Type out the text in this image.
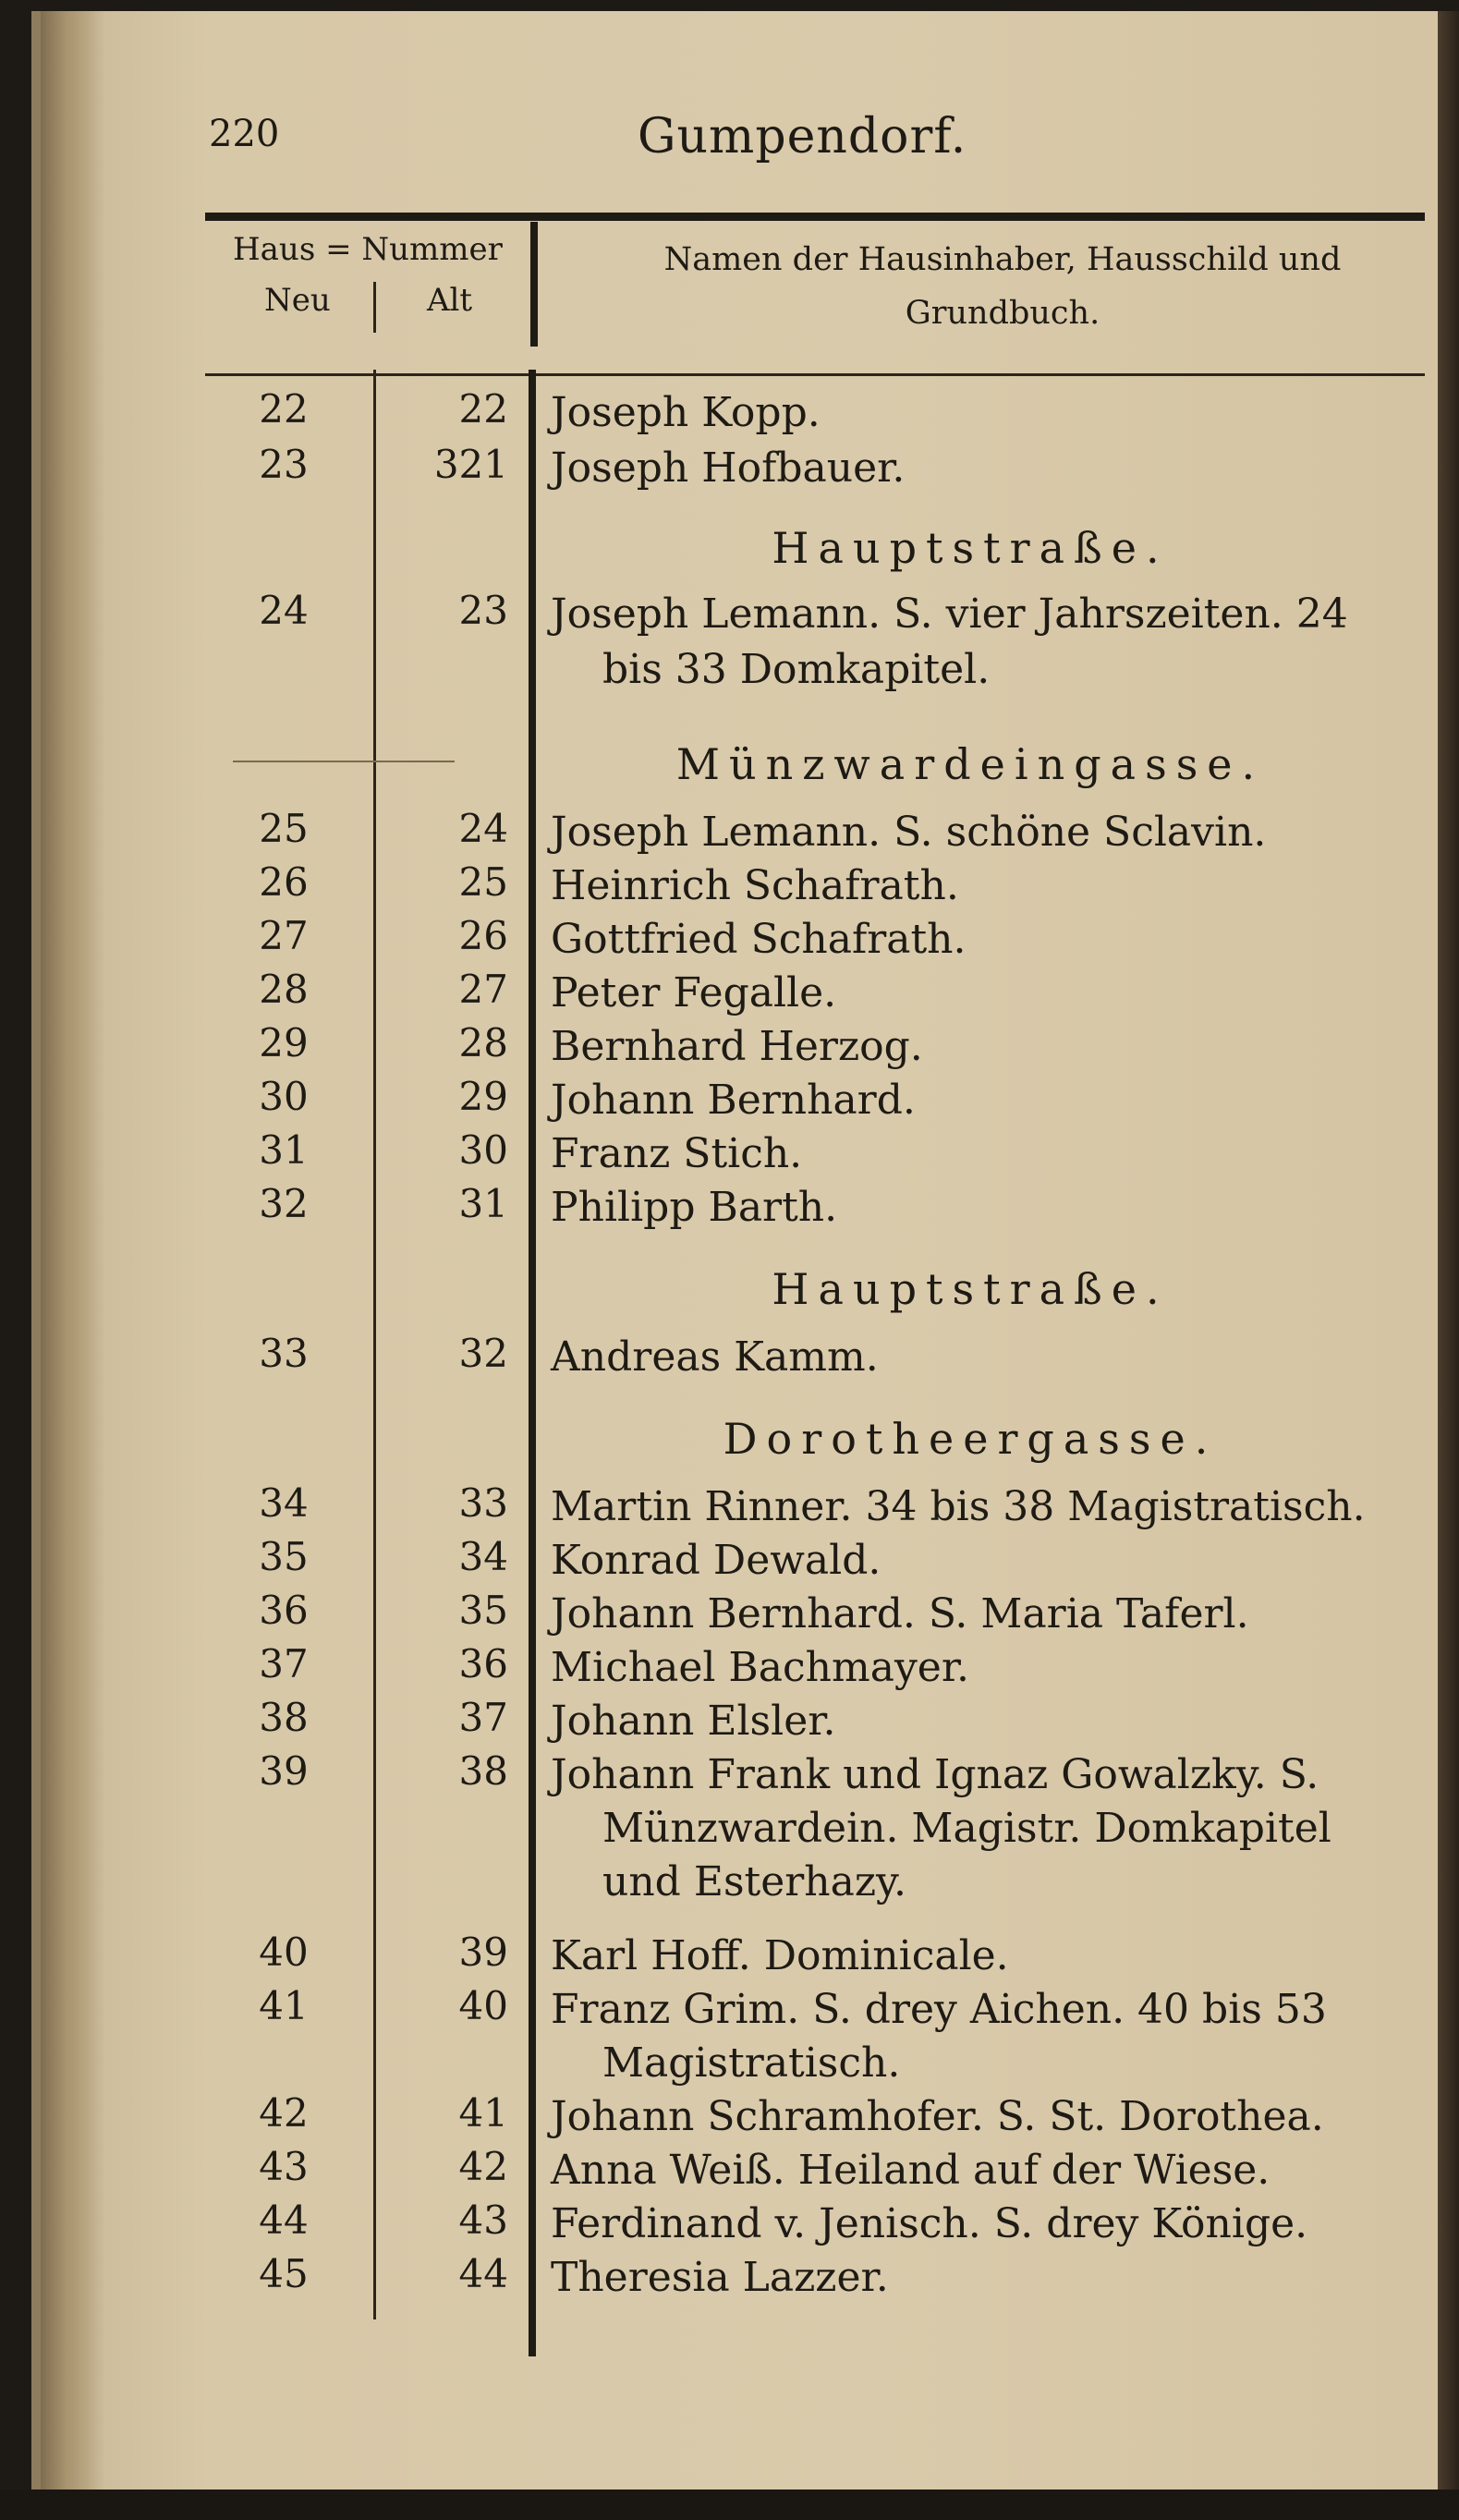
220	Gumpendorf.
Haus = Nummer
Neu	Alt
Namen der Hausinhaber, Hausschild und
Grundbuch.
22	22 Joseph Kopp.
23	321 Joseph Hofbauer.
Hauptstraße.
24	23 Joseph Lemann. S. vier Jahrszeiten. 24
bis 33 Domkapitel.
Münzwardeingasse.
25	24 Joseph Lemann. S. schöne Sclavin.
26	25 Heinrich Schafrath.
27	26 Gottfried Schafrath.
28	27 Peter Fegalle.
29	28 Bernhard Herzog.
30	29 Johann Bernhard.
31	30 Franz Stich.
32	31 Philipp Barth.
Hauptstraße.
33	32 Andreas Kamm.
Dorotheergasse.
34	33 Martin Rinner. 34 bis 38 Magistratisch.
35	34 Konrad Dewald.
36	35 Johann Bernhard. S. Maria Taferl.
37	36 Michael Bachmayer.
38	37 Johann Elsler.
39	38 Johann Frank und Ignaz Gowalzky. S.
Münzwardein. Magistr. Domkapitel
und Esterhazy.
40	39 Karl Hoff. Dominicale.
41	40 Franz Grim. S. drey Aichen. 40 bis 53
Magistratisch.
42	41 Johann Schramhofer. S. St. Dorothea.
43	42 Anna Weiß. Heiland auf der Wiese.
44	43 Ferdinand v. Jenisch. S. drey Könige.
45	44 Theresia Lazzer.
